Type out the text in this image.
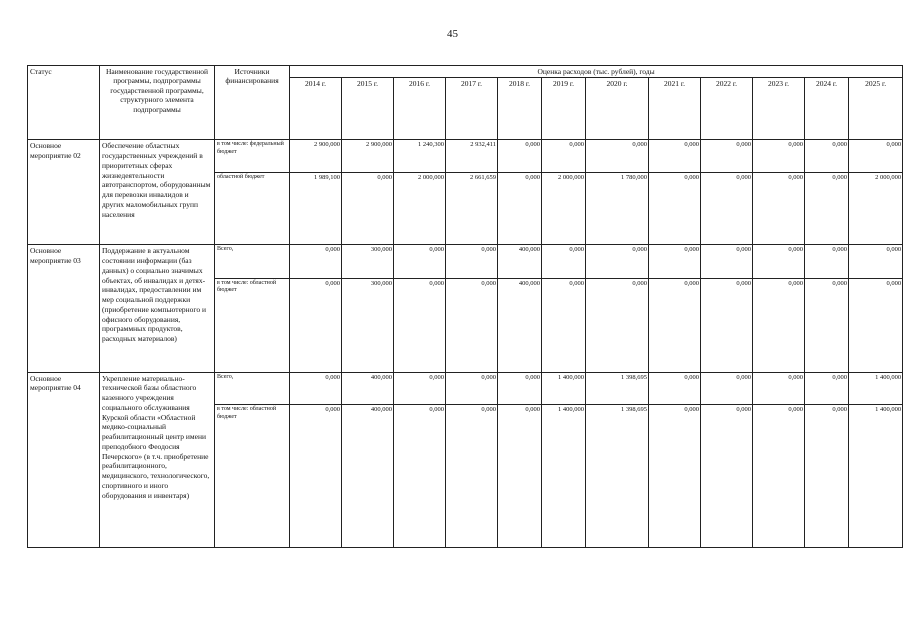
45
Статус	Наименование государственной программы, подпрограммы государственной программы, структурного элемента подпрограммы	Источники финансирования	Оценка расходов (тыс. рублей), годы											
			2014 г.	2015 г.	2016 г.	2017 г.	2018 г.	2019 г.	2020 г.	2021 г.	2022 г.	2023 г.	2024 г.	2025 г.
Основное мероприятие 02	Обеспечение областных государственных учреждений в приоритетных сферах жизнедеятельности автотранспортом, оборудованным для перевозки инвалидов и других маломобильных групп населения	в том числе: федеральный бюджет	2 900,000	2 900,000	1 240,300	2 932,411	0,000	0,000	0,000	0,000	0,000	0,000	0,000	0,000
		областной бюджет	1 989,100	0,000	2 000,000	2 661,659	0,000	2 000,000	1 780,000	0,000	0,000	0,000	0,000	2 000,000
Основное мероприятие 03	Поддержание в актуальном состоянии информации (баз данных) о социально значимых объектах, об инвалидах и детях-инвалидах, предоставлении им мер социальной поддержки (приобретение компьютерного и офисного оборудования, программных продуктов, расходных материалов)	Всего,	0,000	300,000	0,000	0,000	400,000	0,000	0,000	0,000	0,000	0,000	0,000	0,000
		в том числе: областной бюджет	0,000	300,000	0,000	0,000	400,000	0,000	0,000	0,000	0,000	0,000	0,000	0,000
Основное мероприятие 04	Укрепление материально-технической базы областного казенного учреждения социального обслуживания Курской области «Областной медико-социальный реабилитационный центр имени преподобного Феодосия Печерского» (в т.ч. приобретение реабилитационного, медицинского, технологического, спортивного и иного оборудования и инвентаря)	Всего,	0,000	400,000	0,000	0,000	0,000	1 400,000	1 398,695	0,000	0,000	0,000	0,000	1 400,000
		в том числе: областной бюджет	0,000	400,000	0,000	0,000	0,000	1 400,000	1 398,695	0,000	0,000	0,000	0,000	1 400,000
